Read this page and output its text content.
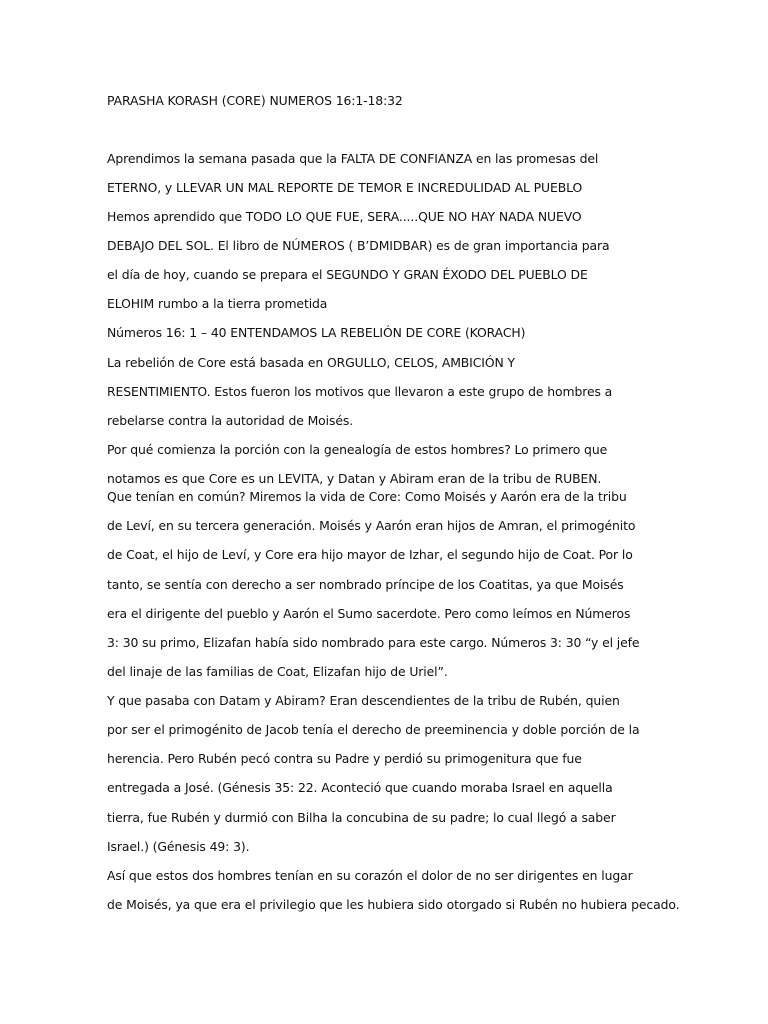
PARASHA KORASH (CORE) NUMEROS 16:1-18:32
Aprendimos la semana pasada que la FALTA DE CONFIANZA en las promesas del
ETERNO, y LLEVAR UN MAL REPORTE DE TEMOR E INCREDULIDAD AL PUEBLO
Hemos aprendido que TODO LO QUE FUE, SERA.....QUE NO HAY NADA NUEVO
DEBAJO DEL SOL. El libro de NÚMEROS ( B’DMIDBAR) es de gran importancia para
el día de hoy, cuando se prepara el SEGUNDO Y GRAN ÉXODO DEL PUEBLO DE
ELOHIM rumbo a la tierra prometida
Números 16: 1 – 40 ENTENDAMOS LA REBELIÓN DE CORE (KORACH)
La rebelión de Core está basada en ORGULLO, CELOS, AMBICIÓN Y
RESENTIMIENTO. Estos fueron los motivos que llevaron a este grupo de hombres a
rebelarse contra la autoridad de Moisés.
Por qué comienza la porción con la genealogía de estos hombres? Lo primero que
notamos es que Core es un LEVITA, y Datan y Abiram eran de la tribu de RUBEN.
Que tenían en común? Miremos la vida de Core: Como Moisés y Aarón era de la tribu
de Leví, en su tercera generación. Moisés y Aarón eran hijos de Amran, el primogénito
de Coat, el hijo de Leví, y Core era hijo mayor de Izhar, el segundo hijo de Coat. Por lo
tanto, se sentía con derecho a ser nombrado príncipe de los Coatitas, ya que Moisés
era el dirigente del pueblo y Aarón el Sumo sacerdote. Pero como leímos en Números
3: 30 su primo, Elizafan había sido nombrado para este cargo. Números 3: 30 “y el jefe
del linaje de las familias de Coat, Elizafan hijo de Uriel”.
Y que pasaba con Datam y Abiram? Eran descendientes de la tribu de Rubén, quien
por ser el primogénito de Jacob tenía el derecho de preeminencia y doble porción de la
herencia. Pero Rubén pecó contra su Padre y perdió su primogenitura que fue
entregada a José. (Génesis 35: 22. Aconteció que cuando moraba Israel en aquella
tierra, fue Rubén y durmió con Bilha la concubina de su padre; lo cual llegó a saber
Israel.) (Génesis 49: 3).
Así que estos dos hombres tenían en su corazón el dolor de no ser dirigentes en lugar
de Moisés, ya que era el privilegio que les hubiera sido otorgado si Rubén no hubiera pecado.
